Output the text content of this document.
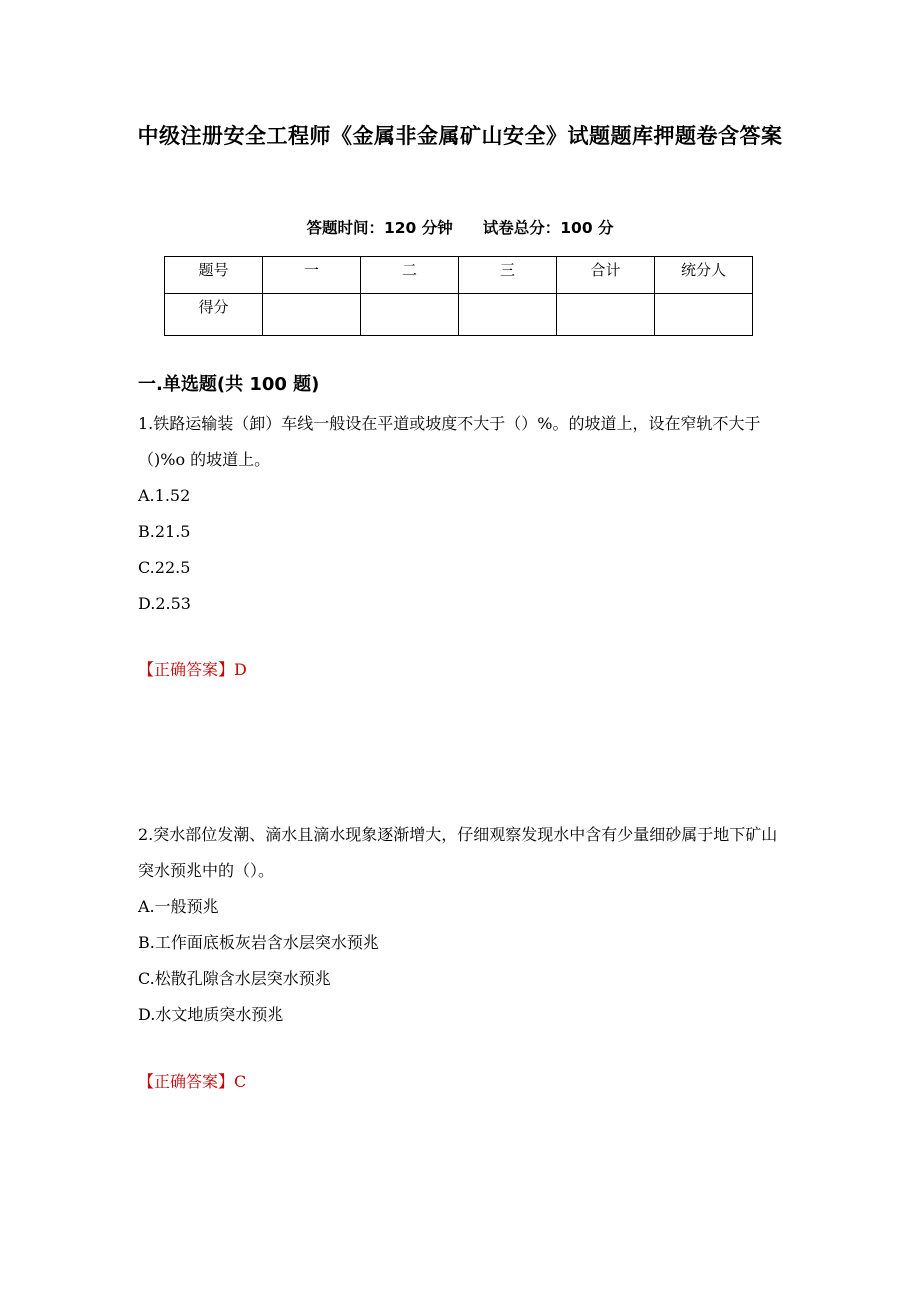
中级注册安全工程师《金属非金属矿山安全》试题题库押题卷含答案
答题时间：120 分钟 试卷总分：100 分
题号	一	二	三	合计	统分人
得分					
一.单选题(共 100 题)

1.铁路运输装（卸）车线一般设在平道或坡度不大于（）%。的坡道上，设在窄轨不大于（)%o 的坡道上。

A.1.52
B.21.5
C.22.5
D.2.53
【正确答案】D

2.突水部位发潮、滴水且滴水现象逐渐增大，仔细观察发现水中含有少量细砂属于地下矿山突水预兆中的（）。

A.一般预兆
B.工作面底板灰岩含水层突水预兆
C.松散孔隙含水层突水预兆
D.水文地质突水预兆
【正确答案】C
